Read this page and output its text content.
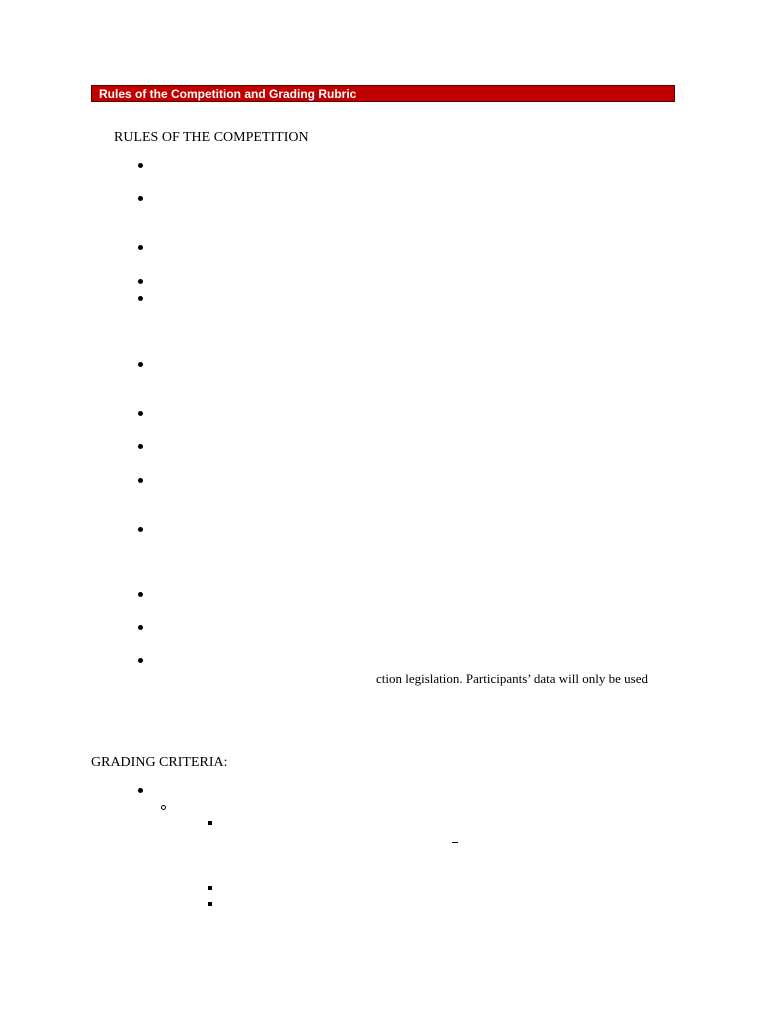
Rules of the Competition and Grading Rubric
RULES OF THE COMPETITION
ction legislation. Participants’ data will only be used
GRADING CRITERIA:
